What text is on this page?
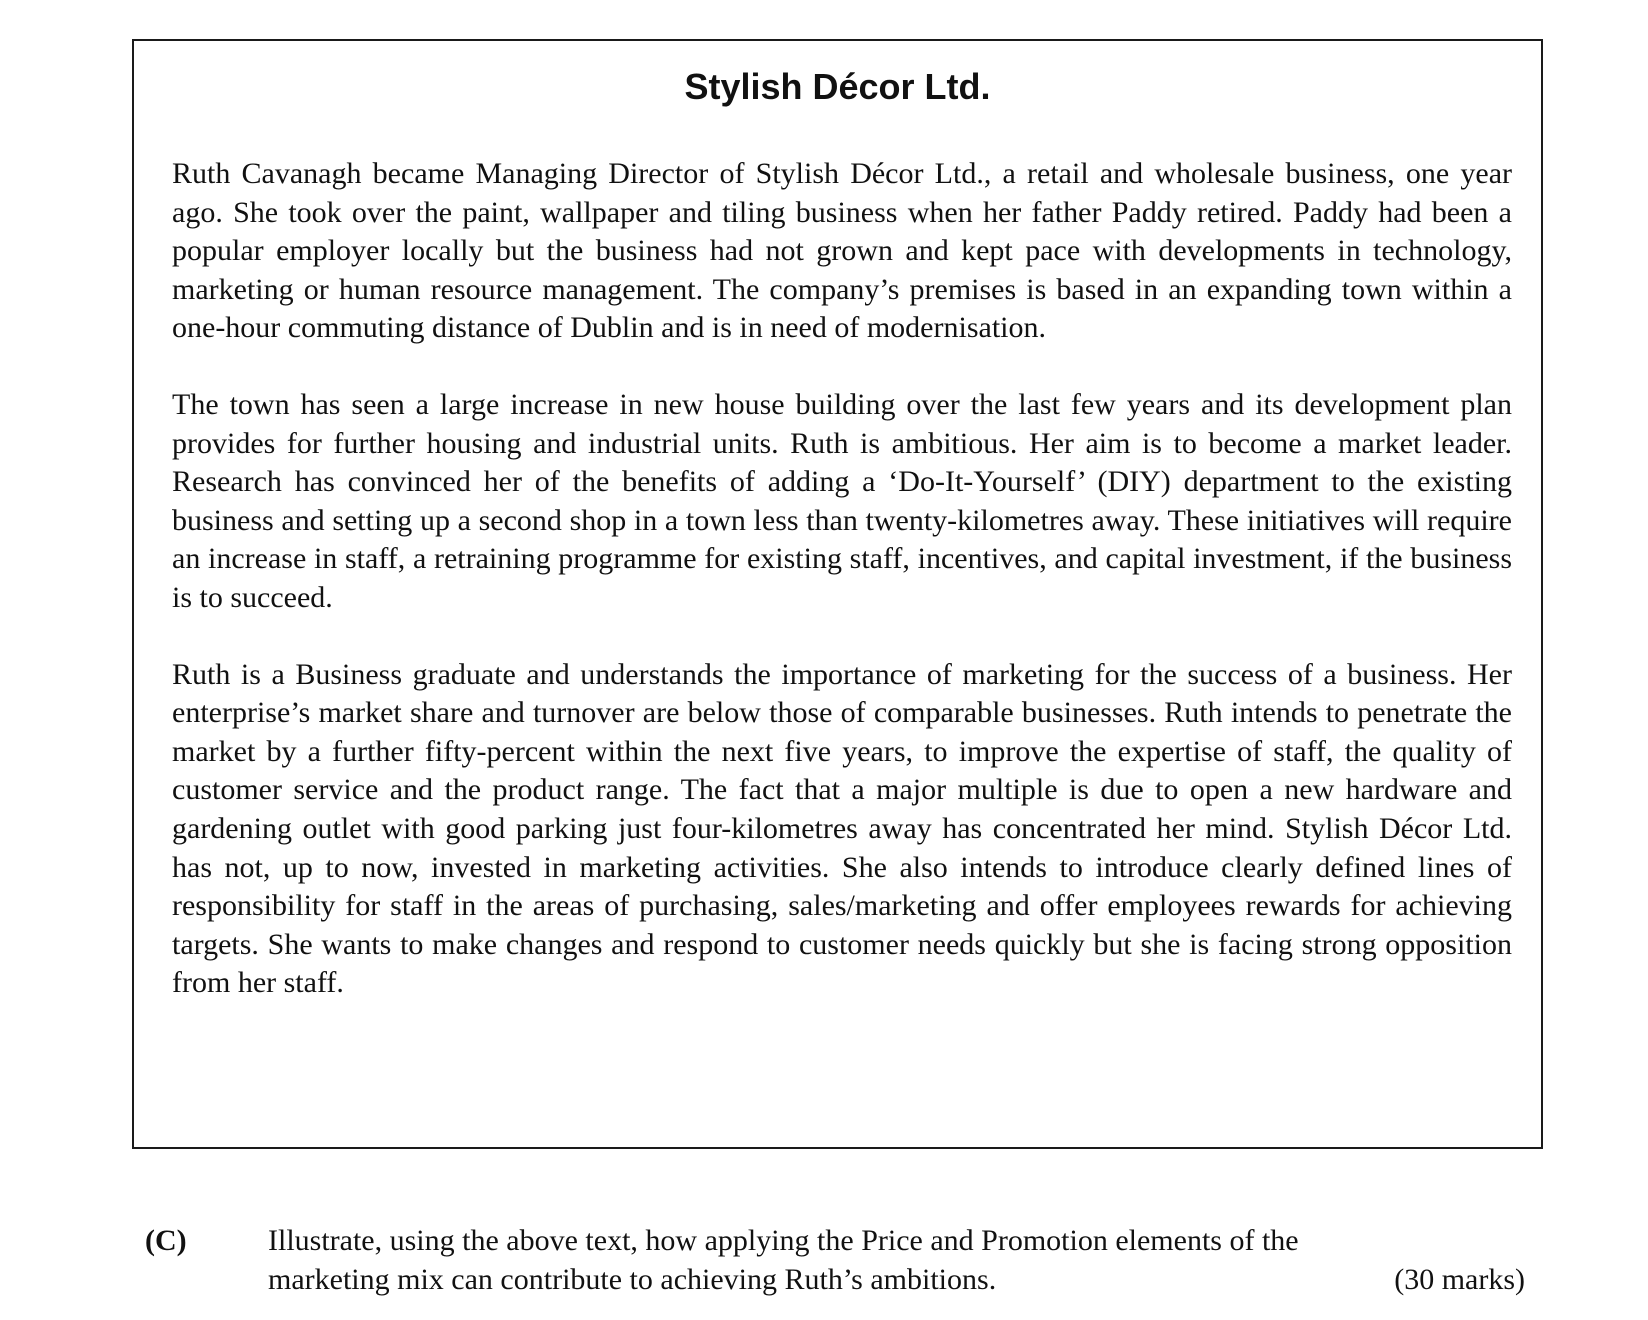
Stylish Décor Ltd.

Ruth Cavanagh became Managing Director of Stylish Décor Ltd., a retail and wholesale business, one year ago. She took over the paint, wallpaper and tiling business when her father Paddy retired. Paddy had been a popular employer locally but the business had not grown and kept pace with developments in technology, marketing or human resource management. The company’s premises is based in an expanding town within a one-hour commuting distance of Dublin and is in need of modernisation.

The town has seen a large increase in new house building over the last few years and its development plan provides for further housing and industrial units. Ruth is ambitious. Her aim is to become a market leader. Research has convinced her of the benefits of adding a ‘Do-It-Yourself’ (DIY) department to the existing business and setting up a second shop in a town less than twenty-kilometres away. These initiatives will require an increase in staff, a retraining programme for existing staff, incentives, and capital investment, if the business is to succeed.

Ruth is a Business graduate and understands the importance of marketing for the success of a business. Her enterprise’s market share and turnover are below those of comparable businesses. Ruth intends to penetrate the market by a further fifty-percent within the next five years, to improve the expertise of staff, the quality of customer service and the product range. The fact that a major multiple is due to open a new hardware and gardening outlet with good parking just four-kilometres away has concentrated her mind. Stylish Décor Ltd. has not, up to now, invested in marketing activities. She also intends to introduce clearly defined lines of responsibility for staff in the areas of purchasing, sales/marketing and offer employees rewards for achieving targets. She wants to make changes and respond to customer needs quickly but she is facing strong opposition from her staff.

(C)	Illustrate, using the above text, how applying the Price and Promotion elements of the
marketing mix can contribute to achieving Ruth’s ambitions.	(30 marks)
